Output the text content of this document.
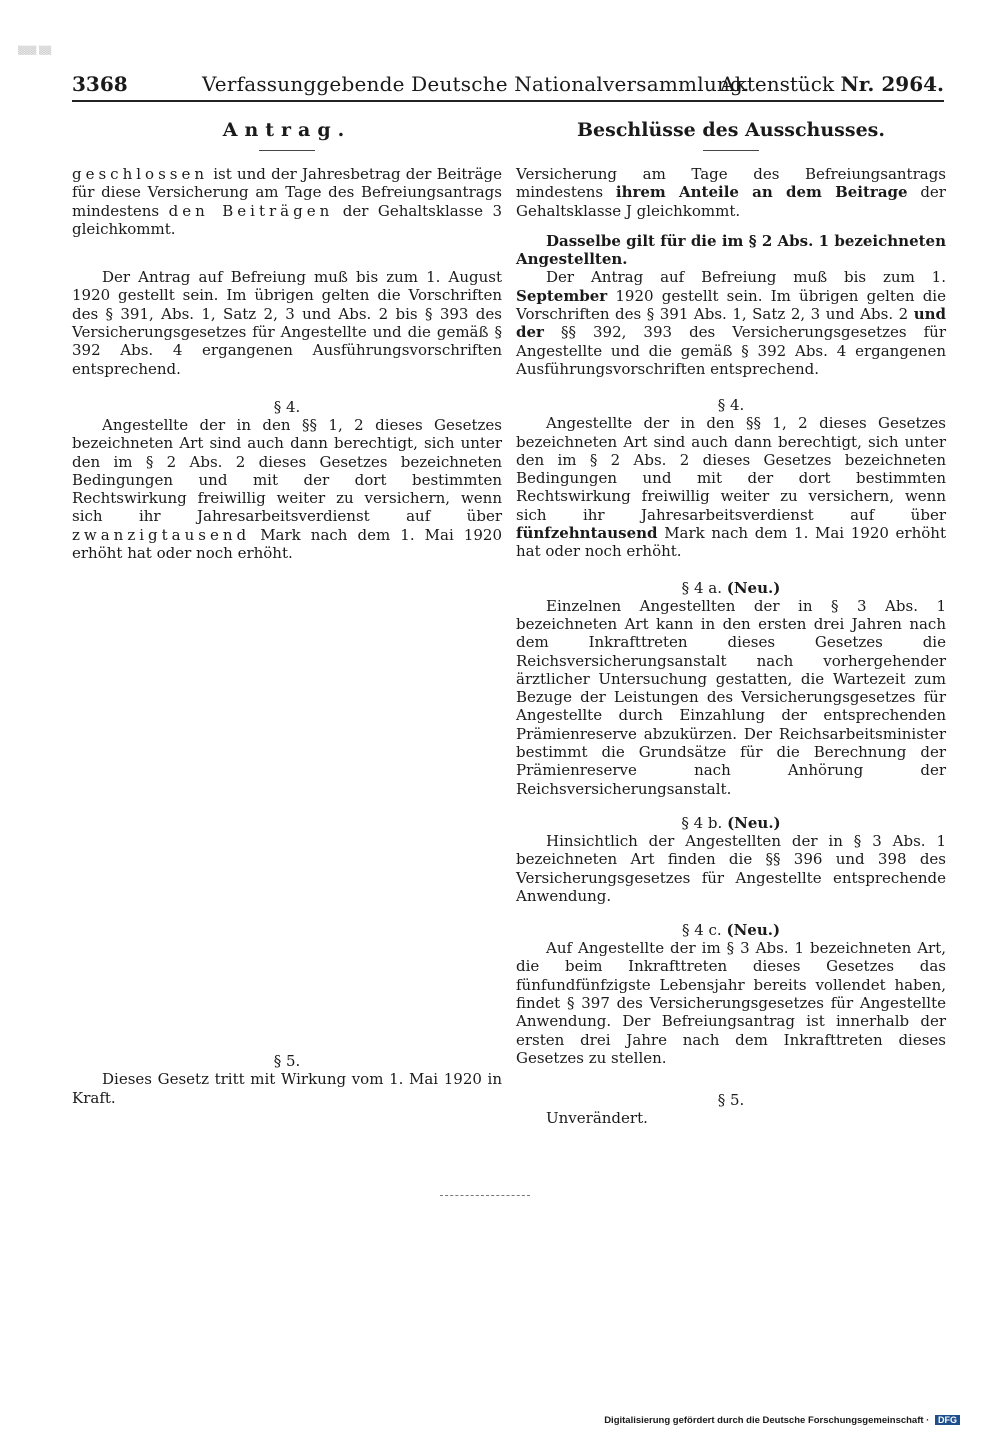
▒▒▒ ▒▒
3368	Verfassunggebende Deutsche Nationalversammlung.
Aktenstück Nr. 2964.
Antrag.

geschlossen ist und der Jahresbetrag der Beiträge für diese Versicherung am Tage des Befreiungsantrags mindestens den Beiträgen der Gehaltsklasse 3 gleichkommt.

Der Antrag auf Befreiung muß bis zum 1. August 1920 gestellt sein. Im übrigen gelten die Vorschriften des § 391, Abs. 1, Satz 2, 3 und Abs. 2 bis § 393 des Versicherungsgesetzes für Angestellte und die gemäß § 392 Abs. 4 ergangenen Ausführungsvorschriften entsprechend.

§ 4.

Angestellte der in den §§ 1, 2 dieses Gesetzes bezeichneten Art sind auch dann berechtigt, sich unter den im § 2 Abs. 2 dieses Gesetzes bezeichneten Bedingungen und mit der dort bestimmten Rechtswirkung freiwillig weiter zu versichern, wenn sich ihr Jahresarbeitsverdienst auf über zwanzigtausend Mark nach dem 1. Mai 1920 erhöht hat oder noch erhöht.

§ 5.

Dieses Gesetz tritt mit Wirkung vom 1. Mai 1920 in Kraft.

Beschlüsse des Ausschusses.

Versicherung am Tage des Befreiungsantrags mindestens ihrem Anteile an dem Beitrage der Gehaltsklasse J gleichkommt.

Dasselbe gilt für die im § 2 Abs. 1 bezeichneten Angestellten.

Der Antrag auf Befreiung muß bis zum 1. September 1920 gestellt sein. Im übrigen gelten die Vorschriften des § 391 Abs. 1, Satz 2, 3 und Abs. 2 und der §§ 392, 393 des Versicherungsgesetzes für Angestellte und die gemäß § 392 Abs. 4 ergangenen Ausführungsvorschriften entsprechend.

§ 4.

Angestellte der in den §§ 1, 2 dieses Gesetzes bezeichneten Art sind auch dann berechtigt, sich unter den im § 2 Abs. 2 dieses Gesetzes bezeichneten Bedingungen und mit der dort bestimmten Rechtswirkung freiwillig weiter zu versichern, wenn sich ihr Jahresarbeitsverdienst auf über fünfzehntausend Mark nach dem 1. Mai 1920 erhöht hat oder noch erhöht.

§ 4 a. (Neu.)

Einzelnen Angestellten der in § 3 Abs. 1 bezeichneten Art kann in den ersten drei Jahren nach dem Inkrafttreten dieses Gesetzes die Reichsversicherungsanstalt nach vorhergehender ärztlicher Untersuchung gestatten, die Wartezeit zum Bezuge der Leistungen des Versicherungsgesetzes für Angestellte durch Einzahlung der entsprechenden Prämienreserve abzukürzen. Der Reichsarbeitsminister bestimmt die Grundsätze für die Berechnung der Prämienreserve nach Anhörung der Reichsversicherungsanstalt.

§ 4 b. (Neu.)

Hinsichtlich der Angestellten der in § 3 Abs. 1 bezeichneten Art finden die §§ 396 und 398 des Versicherungsgesetzes für Angestellte entsprechende Anwendung.

§ 4 c. (Neu.)

Auf Angestellte der im § 3 Abs. 1 bezeichneten Art, die beim Inkrafttreten dieses Gesetzes das fünfundfünfzigste Lebensjahr bereits vollendet haben, findet § 397 des Versicherungsgesetzes für Angestellte Anwendung. Der Befreiungsantrag ist innerhalb der ersten drei Jahre nach dem Inkrafttreten dieses Gesetzes zu stellen.

§ 5.

Unverändert.

Digitalisierung gefördert durch die Deutsche Forschungsgemeinschaft · DFG
